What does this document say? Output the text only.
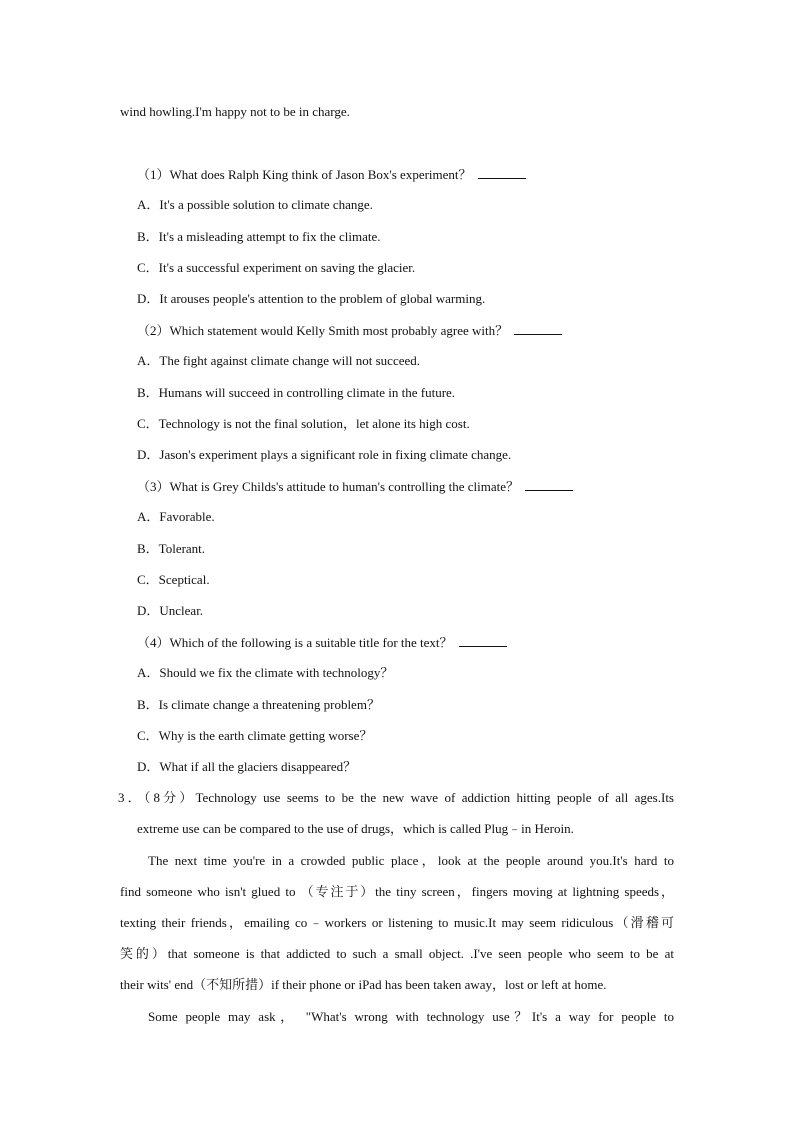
wind howling.I'm happy not to be in charge.
（1）What does Ralph King think of Jason Box's experiment？
A．It's a possible solution to climate change.
B．It's a misleading attempt to fix the climate.
C．It's a successful experiment on saving the glacier.
D．It arouses people's attention to the problem of global warming.
（2）Which statement would Kelly Smith most probably agree with？
A．The fight against climate change will not succeed.
B．Humans will succeed in controlling climate in the future.
C．Technology is not the final solution，let alone its high cost.
D．Jason's experiment plays a significant role in fixing climate change.
（3）What is Grey Childs's attitude to human's controlling the climate？
A．Favorable.
B．Tolerant.
C．Sceptical.
D．Unclear.
（4）Which of the following is a suitable title for the text？
A．Should we fix the climate with technology？
B．Is climate change a threatening problem？
C．Why is the earth climate getting worse？
D．What if all the glaciers disappeared？
3．（8分）Technology use seems to be the new wave of addiction hitting people of all ages.Its
extreme use can be compared to the use of drugs，which is called Plug﹣in Heroin.
The next time you're in a crowded public place，look at the people around you.It's hard to
find someone who isn't glued to （专注于）the tiny screen，fingers moving at lightning speeds，
texting their friends，emailing co﹣workers or listening to music.It may seem ridiculous（滑稽可
笑的）that someone is that addicted to such a small object. .I've seen people who seem to be at
their wits' end（不知所措）if their phone or iPad has been taken away，lost or left at home.
Some people may ask， "What's wrong with technology use？It's a way for people to
